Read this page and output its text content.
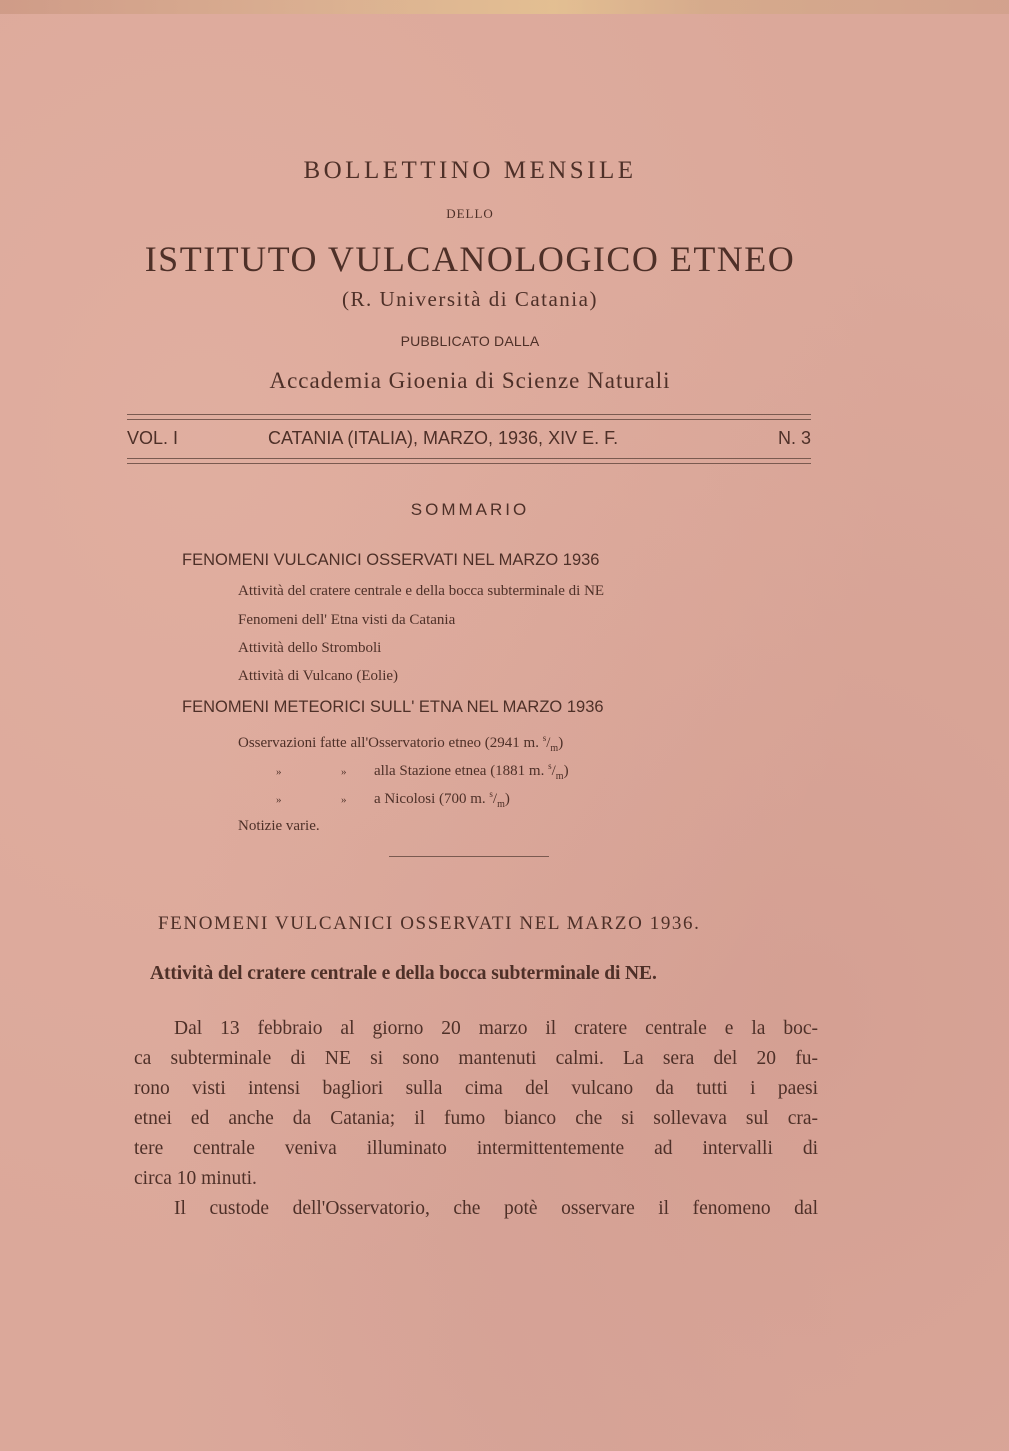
BOLLETTINO MENSILE
DELLO
ISTITUTO VULCANOLOGICO ETNEO
(R. Università di Catania)
PUBBLICATO DALLA
Accademia Gioenia di Scienze Naturali
VOL. I	CATANIA (ITALIA), MARZO, 1936, XIV E. F.	N. 3
SOMMARIO
FENOMENI VULCANICI OSSERVATI NEL MARZO 1936
Attività del cratere centrale e della bocca subterminale di NE
Fenomeni dell' Etna visti da Catania
Attività dello Stromboli
Attività di Vulcano (Eolie)
FENOMENI METEORICI SULL' ETNA NEL MARZO 1936
Osservazioni fatte all'Osservatorio etneo (2941 m. $^s/_m$)
»	» alla Stazione etnea (1881 m. $^s/_m$)
»	» a Nicolosi (700 m. $^s/_m$)
Notizie varie.
FENOMENI VULCANICI OSSERVATI NEL MARZO 1936.
Attività del cratere centrale e della bocca subterminale di NE.
Dal 13 febbraio al giorno 20 marzo il cratere centrale e la boc-
ca subterminale di NE si sono mantenuti calmi. La sera del 20 fu-
rono visti intensi bagliori sulla cima del vulcano da tutti i paesi
etnei ed anche da Catania; il fumo bianco che si sollevava sul cra-
tere centrale veniva illuminato intermittentemente ad intervalli di
circa 10 minuti.
Il custode dell'Osservatorio, che potè osservare il fenomeno dal
